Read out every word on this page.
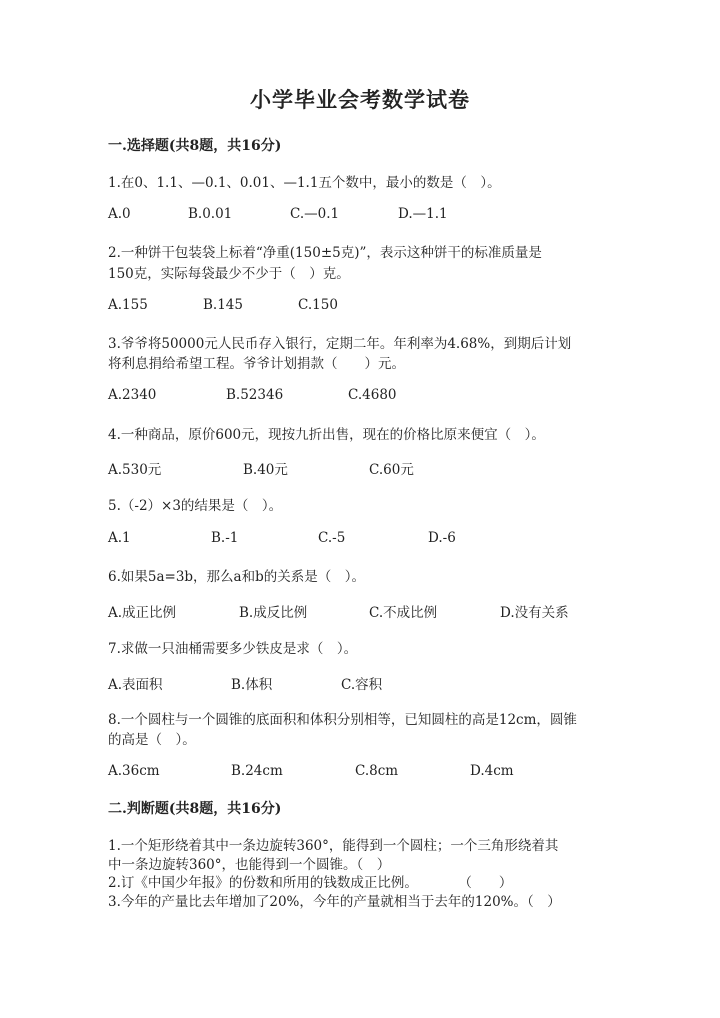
小学毕业会考数学试卷
一.选择题(共8题，共16分)
1.在0、1.1、—0.1、0.01、—1.1五个数中，最小的数是（　）。
A.0	B.0.01	C.—0.1	D.—1.1
2.一种饼干包装袋上标着“净重(150±5克)”，表示这种饼干的标准质量是
150克，实际每袋最少不少于（　）克。
A.155	B.145	C.150
3.爷爷将50000元人民币存入银行，定期二年。年利率为4.68%，到期后计划
将利息捐给希望工程。爷爷计划捐款（　　）元。
A.2340	B.52346	C.4680
4.一种商品，原价600元，现按九折出售，现在的价格比原来便宜（　）。
A.530元	B.40元	C.60元
5.（-2）×3的结果是（　）。
A.1	B.-1	C.-5	D.-6
6.如果5a=3b，那么a和b的关系是（　）。
A.成正比例	B.成反比例	C.不成比例	D.没有关系
7.求做一只油桶需要多少铁皮是求（　）。
A.表面积	B.体积	C.容积
8.一个圆柱与一个圆锥的底面积和体积分别相等，已知圆柱的高是12cm，圆锥
的高是（　）。
A.36cm	B.24cm	C.8cm	D.4cm
二.判断题(共8题，共16分)
1.一个矩形绕着其中一条边旋转360°，能得到一个圆柱；一个三角形绕着其
中一条边旋转360°，也能得到一个圆锥。（　）
2.订《中国少年报》的份数和所用的钱数成正比例。　　　　（　　）
3.今年的产量比去年增加了20%，今年的产量就相当于去年的120%。（　）
